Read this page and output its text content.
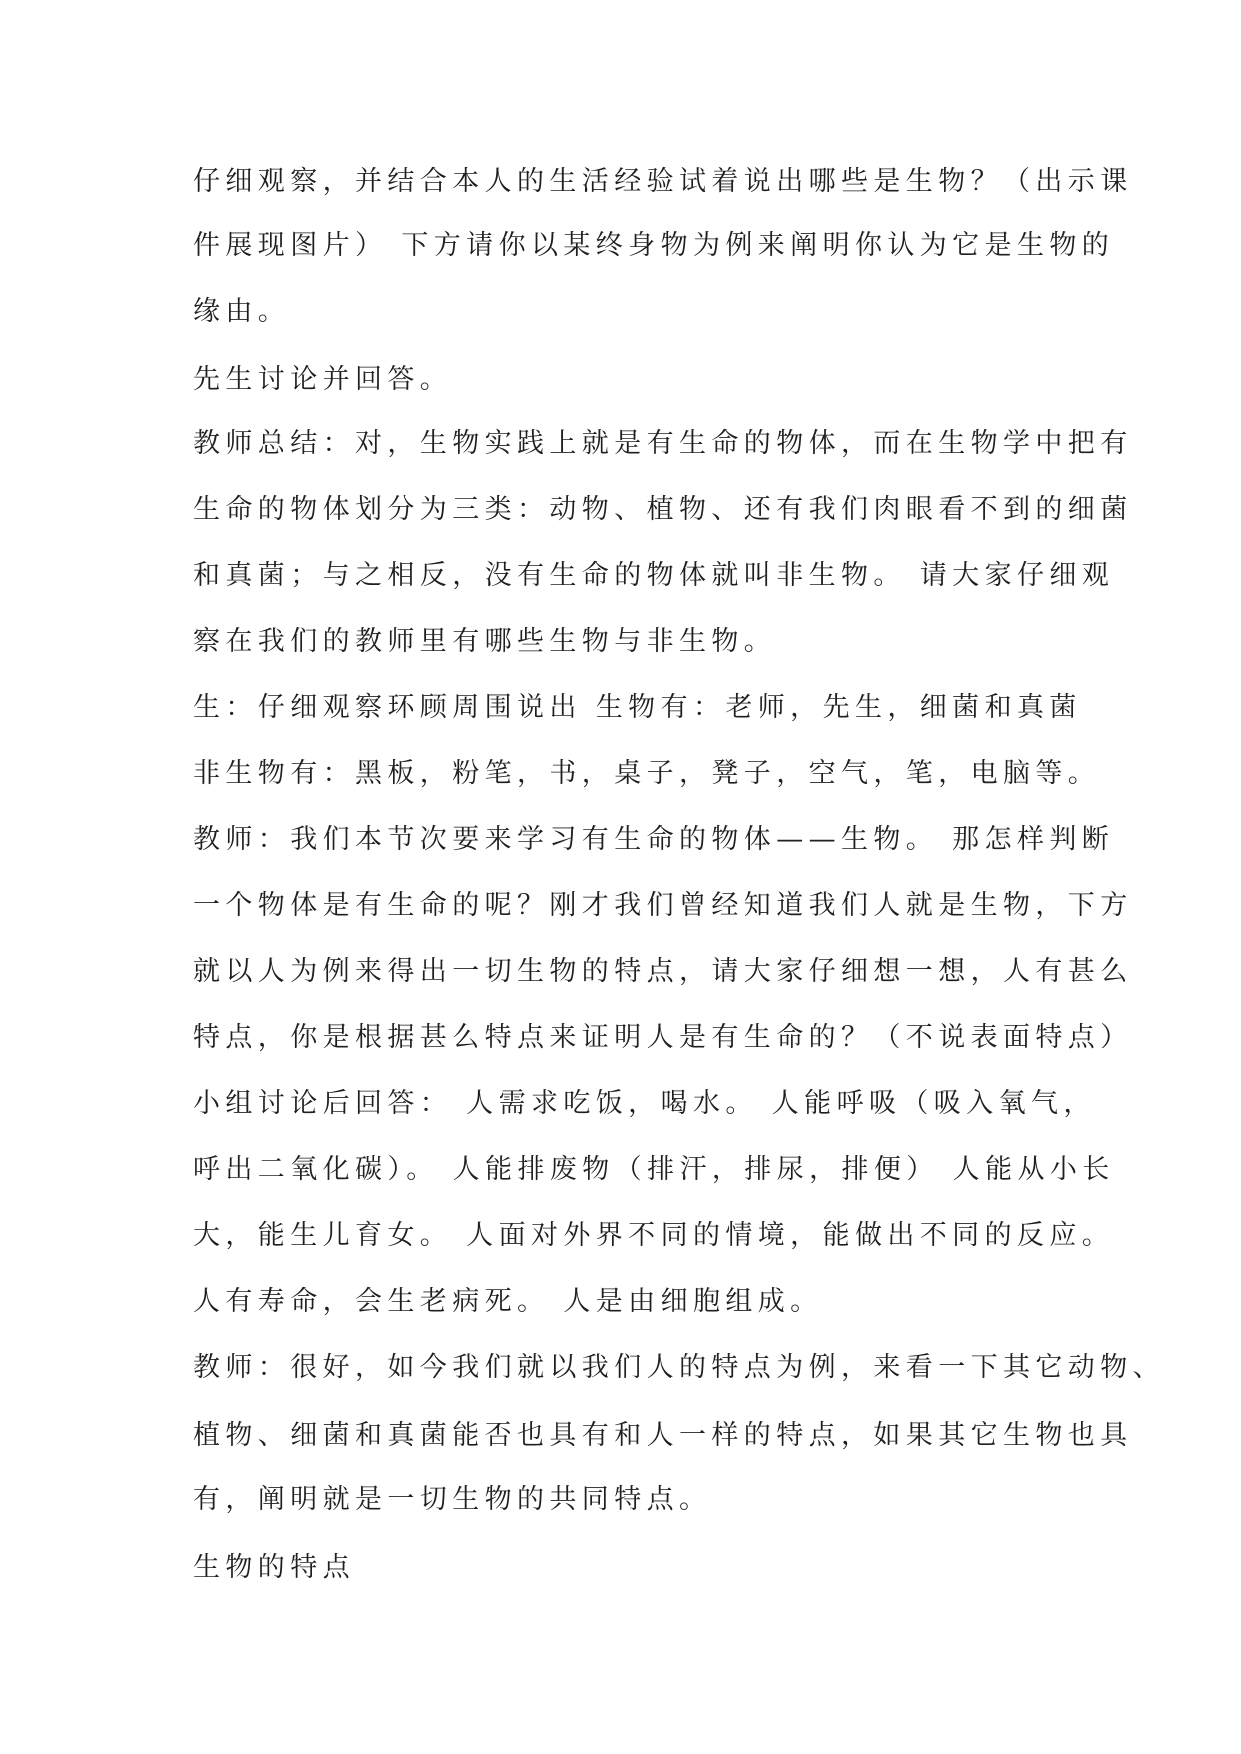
仔细观察，并结合本人的生活经验试着说出哪些是生物？（出示课
件展现图片） 下方请你以某终身物为例来阐明你认为它是生物的
缘由。
先生讨论并回答。
教师总结：对，生物实践上就是有生命的物体，而在生物学中把有
生命的物体划分为三类：动物、植物、还有我们肉眼看不到的细菌
和真菌；与之相反，没有生命的物体就叫非生物。 请大家仔细观
察在我们的教师里有哪些生物与非生物。
生：仔细观察环顾周围说出 生物有：老师，先生，细菌和真菌
非生物有：黑板，粉笔，书，桌子，凳子，空气，笔，电脑等。
教师：我们本节次要来学习有生命的物体——生物。 那怎样判断
一个物体是有生命的呢？刚才我们曾经知道我们人就是生物，下方
就以人为例来得出一切生物的特点，请大家仔细想一想，人有甚么
特点，你是根据甚么特点来证明人是有生命的？（不说表面特点）
小组讨论后回答： 人需求吃饭，喝水。 人能呼吸（吸入氧气，
呼出二氧化碳）。 人能排废物（排汗，排尿，排便） 人能从小长
大，能生儿育女。 人面对外界不同的情境，能做出不同的反应。
人有寿命，会生老病死。 人是由细胞组成。
教师：很好，如今我们就以我们人的特点为例，来看一下其它动物、
植物、细菌和真菌能否也具有和人一样的特点，如果其它生物也具
有，阐明就是一切生物的共同特点。
生物的特点
